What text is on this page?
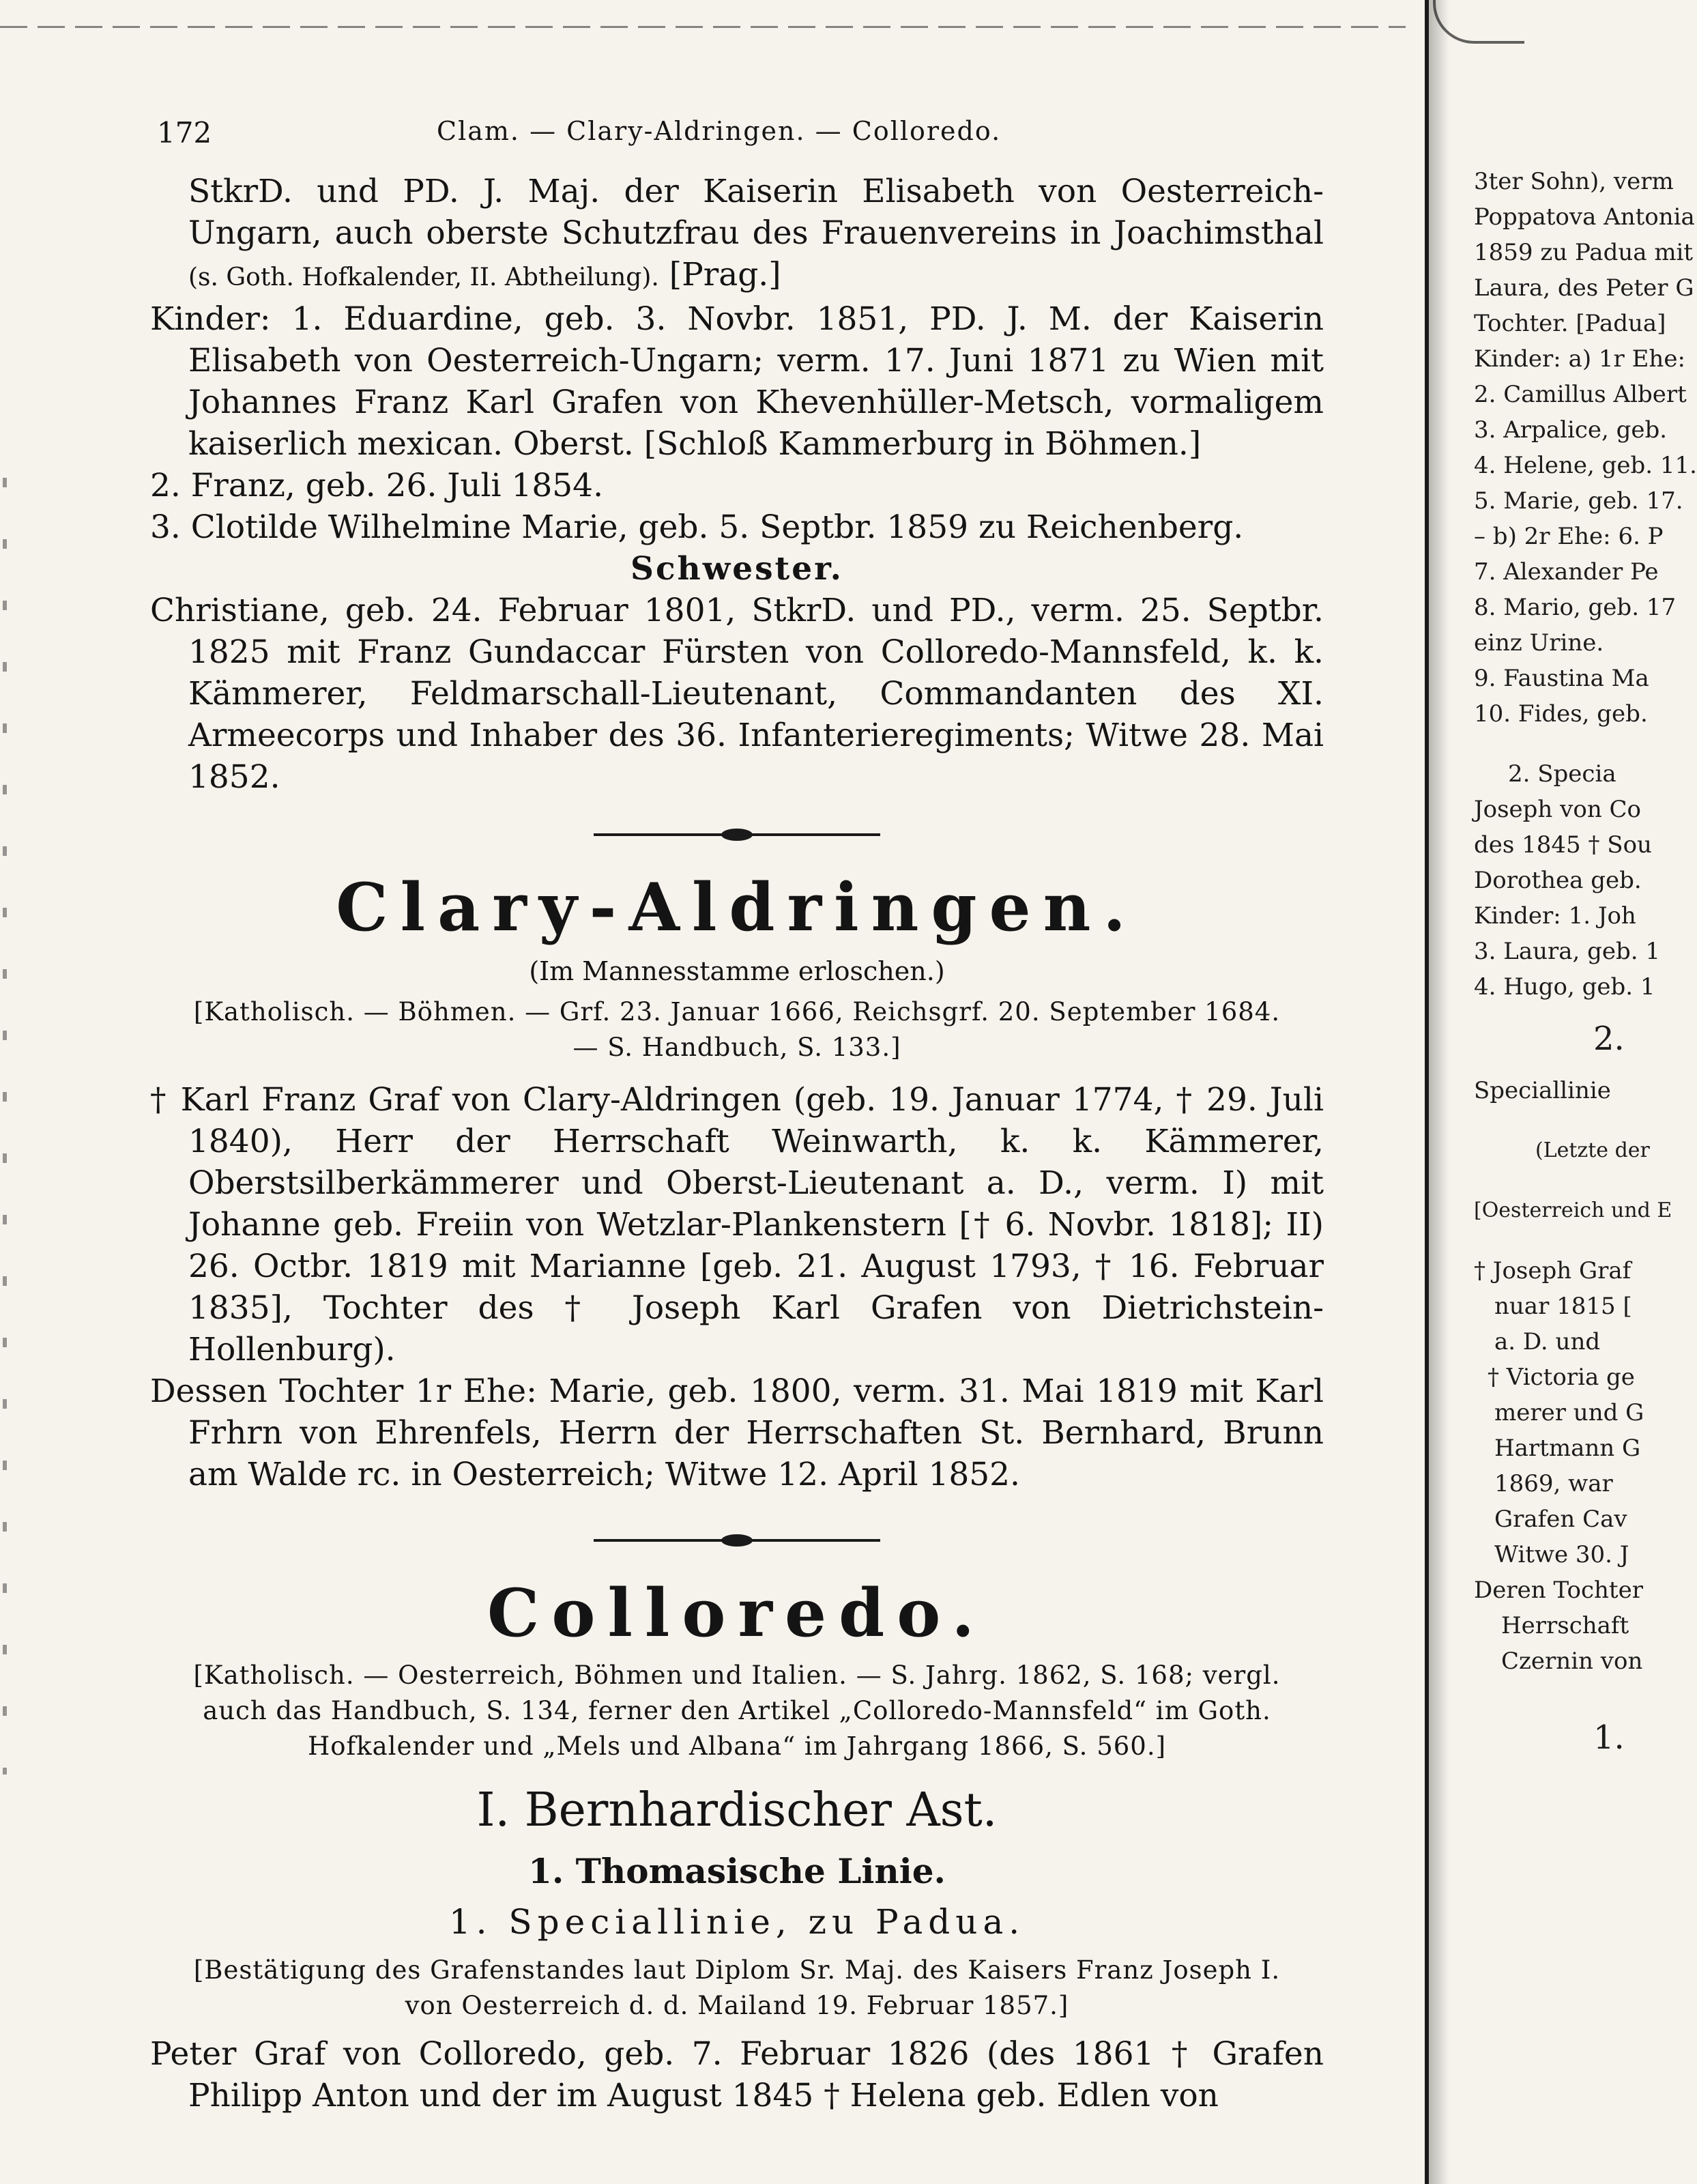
172	Clam. — Clary-Aldringen. — Colloredo.

StkrD. und PD. J. Maj. der Kaiserin Elisabeth von Oesterreich-Ungarn, auch oberste Schutzfrau des Frauenvereins in Joachimsthal (s. Goth. Hofkalender, II. Abtheilung). [Prag.]

Kinder: 1. Eduardine, geb. 3. Novbr. 1851, PD. J. M. der Kaiserin Elisabeth von Oesterreich-Ungarn; verm. 17. Juni 1871 zu Wien mit Johannes Franz Karl Grafen von Khevenhüller-Metsch, vormaligem kaiserlich mexican. Oberst. [Schloß Kammerburg in Böhmen.]

2. Franz, geb. 26. Juli 1854.

3. Clotilde Wilhelmine Marie, geb. 5. Septbr. 1859 zu Reichenberg.

Schwester.

Christiane, geb. 24. Februar 1801, StkrD. und PD., verm. 25. Septbr. 1825 mit Franz Gundaccar Fürsten von Colloredo-Mannsfeld, k. k. Kämmerer, Feldmarschall-Lieutenant, Commandanten des XI. Armeecorps und Inhaber des 36. Infanterieregiments; Witwe 28. Mai 1852.

Clary-Aldringen.

(Im Mannesstamme erloschen.)

[Katholisch. — Böhmen. — Grf. 23. Januar 1666, Reichsgrf. 20. September 1684. — S. Handbuch, S. 133.]

† Karl Franz Graf von Clary-Aldringen (geb. 19. Januar 1774, † 29. Juli 1840), Herr der Herrschaft Weinwarth, k. k. Kämmerer, Oberstsilberkämmerer und Oberst-Lieutenant a. D., verm. I) mit Johanne geb. Freiin von Wetzlar-Plankenstern [† 6. Novbr. 1818]; II) 26. Octbr. 1819 mit Marianne [geb. 21. August 1793, † 16. Februar 1835], Tochter des † Joseph Karl Grafen von Dietrichstein-Hollenburg).

Dessen Tochter 1r Ehe: Marie, geb. 1800, verm. 31. Mai 1819 mit Karl Frhrn von Ehrenfels, Herrn der Herrschaften St. Bernhard, Brunn am Walde rc. in Oesterreich; Witwe 12. April 1852.

Colloredo.

[Katholisch. — Oesterreich, Böhmen und Italien. — S. Jahrg. 1862, S. 168; vergl. auch das Handbuch, S. 134, ferner den Artikel „Colloredo-Mannsfeld“ im Goth. Hofkalender und „Mels und Albana“ im Jahrgang 1866, S. 560.]

I. Bernhardischer Ast.
1. Thomasische Linie.
1. Speciallinie, zu Padua.

[Bestätigung des Grafenstandes laut Diplom Sr. Maj. des Kaisers Franz Joseph I. von Oesterreich d. d. Mailand 19. Februar 1857.]

Peter Graf von Colloredo, geb. 7. Februar 1826 (des 1861 † Grafen Philipp Anton und der im August 1845 † Helena geb. Edlen von

3ter Sohn), verm
Poppatova Antonia
1859 zu Padua mit
Laura, des Peter G
Tochter. [Padua]
Kinder: a) 1r Ehe:
2. Camillus Albert
3. Arpalice, geb.
4. Helene, geb. 11.
5. Marie, geb. 17.
– b) 2r Ehe: 6. P
7. Alexander Pe
8. Mario, geb. 17
einz Urine.
9. Faustina Ma
10. Fides, geb.
2. Specia
Joseph von Co
des 1845 † Sou
Dorothea geb.
Kinder: 1. Joh
3. Laura, geb. 1
4. Hugo, geb. 1
2.
Speciallinie
(Letzte der
[Oesterreich und E
† Joseph Graf
nuar 1815 [
a. D. und
† Victoria ge
merer und G
Hartmann G
1869, war
Grafen Cav
Witwe 30. J
Deren Tochter
Herrschaft
Czernin von
1.
